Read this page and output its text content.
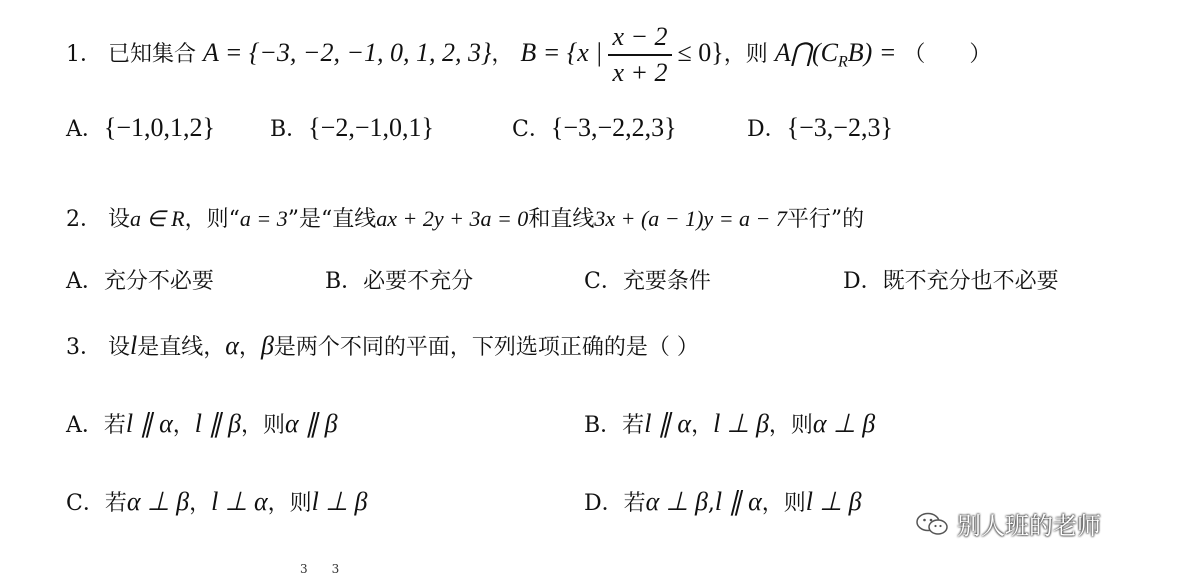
1． 已知集合 A = {−3, −2, −1, 0, 1, 2, 3}， B = {x | $\frac{x - 2}{x + 2} \le 0$}，则 $A⋂(C_RB)$ = （　　）
A．{−1,0,1,2} B．{−2,−1,0,1}	C．{−3,−2,2,3}	D．{−3,−2,3}
2． 设a ∈ R，则“a = 3”是“直线ax + 2y + 3a = 0和直线3x + (a − 1)y = a − 7平行”的
A．充分不必要	B．必要不充分	C．充要条件	D．既不充分也不必要
3． 设l是直线，α，β是两个不同的平面，下列选项正确的是（ ）
A．若l ∥ α，l ∥ β，则α ∥ β	B．若l ∥ α，l ⊥ β，则α ⊥ β
C．若α ⊥ β，l ⊥ α，则l ⊥ β	D．若α ⊥ β,l ∥ α，则l ⊥ β
别人班的老师
3　　3
